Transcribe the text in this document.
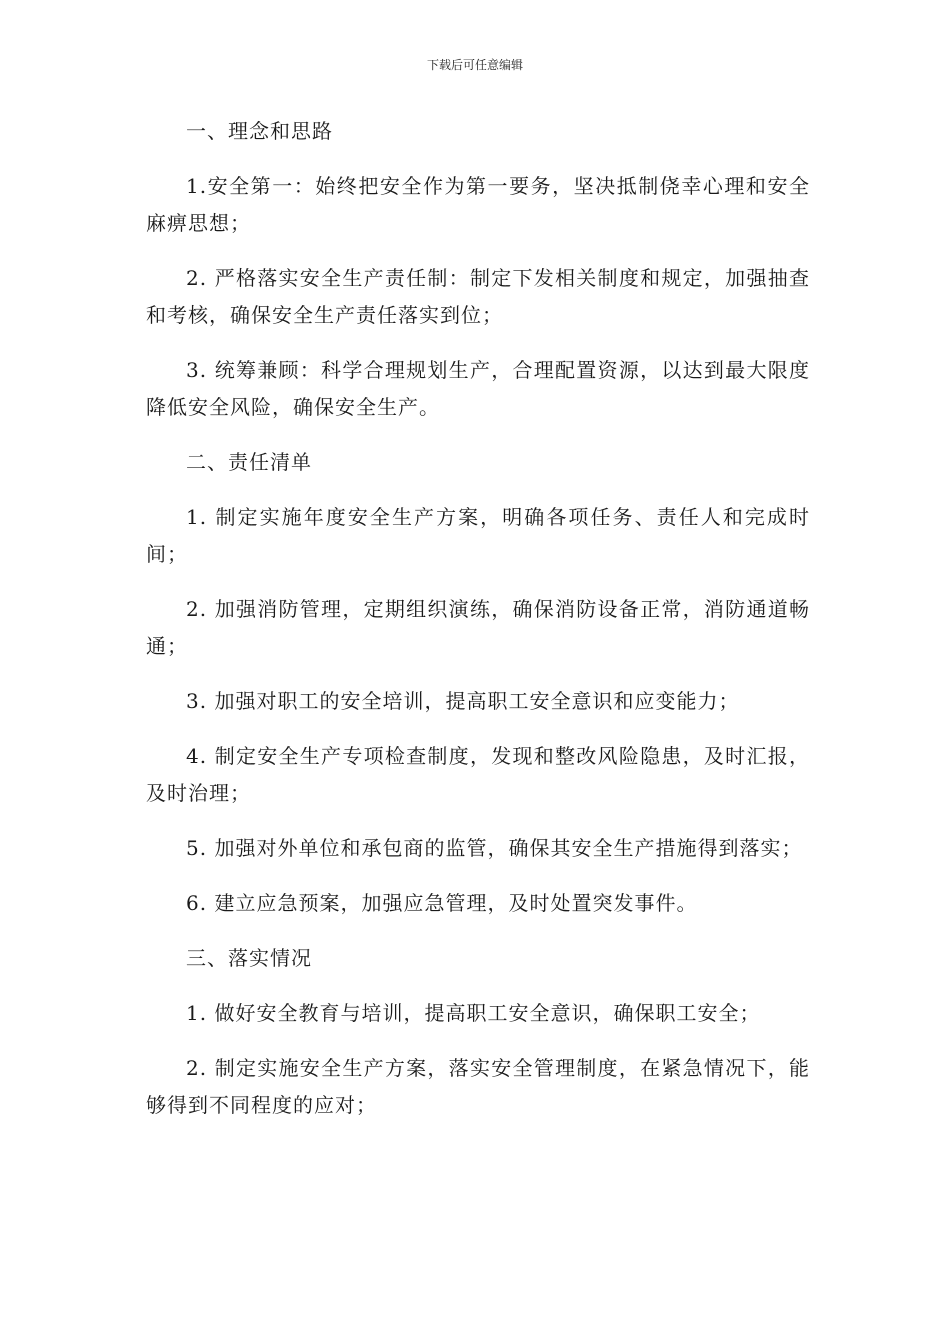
下载后可任意编辑

一、理念和思路

1.安全第一：始终把安全作为第一要务，坚决抵制侥幸心理和安全麻痹思想；

2. 严格落实安全生产责任制：制定下发相关制度和规定，加强抽查和考核，确保安全生产责任落实到位；

3. 统筹兼顾：科学合理规划生产，合理配置资源，以达到最大限度降低安全风险，确保安全生产。

二、责任清单

1. 制定实施年度安全生产方案，明确各项任务、责任人和完成时间；

2. 加强消防管理，定期组织演练，确保消防设备正常，消防通道畅通；

3. 加强对职工的安全培训，提高职工安全意识和应变能力；

4. 制定安全生产专项检查制度，发现和整改风险隐患，及时汇报，及时治理；

5. 加强对外单位和承包商的监管，确保其安全生产措施得到落实；

6. 建立应急预案，加强应急管理，及时处置突发事件。

三、落实情况

1. 做好安全教育与培训，提高职工安全意识，确保职工安全；

2. 制定实施安全生产方案，落实安全管理制度，在紧急情况下，能够得到不同程度的应对；
